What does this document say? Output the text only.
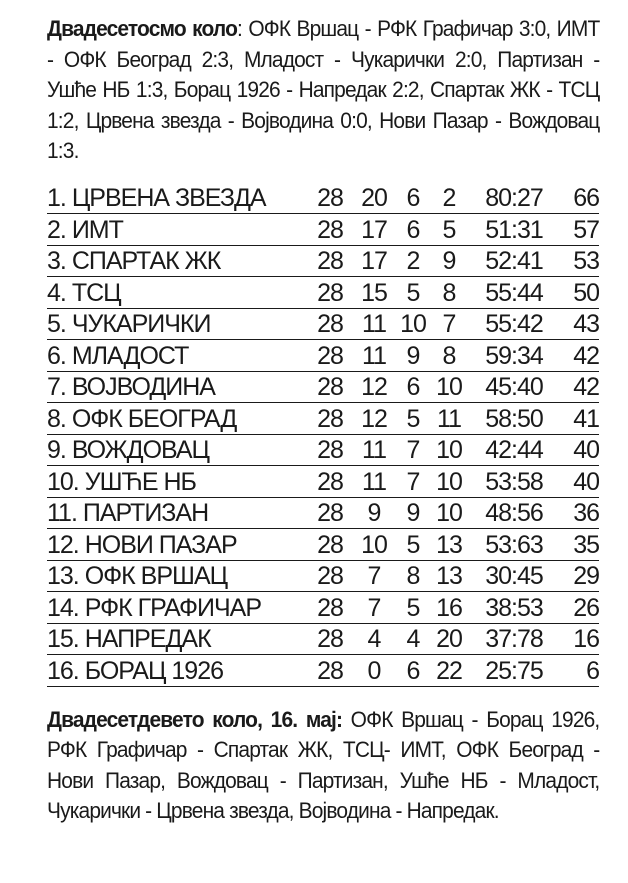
Двадесетосмо коло: ОФК Вршац - РФК Графичар 3:0, ИМТ - ОФК Београд 2:3, Младост - Чукарички 2:0, Партизан - Ушће НБ 1:3, Борац 1926 - Напредак 2:2, Спартак ЖК - ТСЦ 1:2, Црвена звезда - Војводина 0:0, Нови Пазар - Вождовац 1:3.
1. ЦРВЕНА ЗВЕЗДА	28	20	6	2	80:27	66
2. ИМТ	28	17	6	5	51:31	57
3. СПАРТАК ЖК	28	17	2	9	52:41	53
4. ТСЦ	28	15	5	8	55:44	50
5. ЧУКАРИЧКИ	28	11	10	7	55:42	43
6. МЛАДОСТ	28	11	9	8	59:34	42
7. ВОЈВОДИНА	28	12	6	10	45:40	42
8. ОФК БЕОГРАД	28	12	5	11	58:50	41
9. ВОЖДОВАЦ	28	11	7	10	42:44	40
10. УШЋЕ НБ	28	11	7	10	53:58	40
11. ПАРТИЗАН	28	9	9	10	48:56	36
12. НОВИ ПАЗАР	28	10	5	13	53:63	35
13. ОФК ВРШАЦ	28	7	8	13	30:45	29
14. РФК ГРАФИЧАР	28	7	5	16	38:53	26
15. НАПРЕДАК	28	4	4	20	37:78	16
16. БОРАЦ 1926	28	0	6	22	25:75	6
Двадесетдевето коло, 16. мај: ОФК Вршац - Борац 1926, РФК Графичар - Спартак ЖК, ТСЦ- ИМТ, ОФК Београд - Нови Пазар, Вождовац - Партизан, Ушће НБ - Младост, Чукарички - Црвена звезда, Војводина - Напредак.
